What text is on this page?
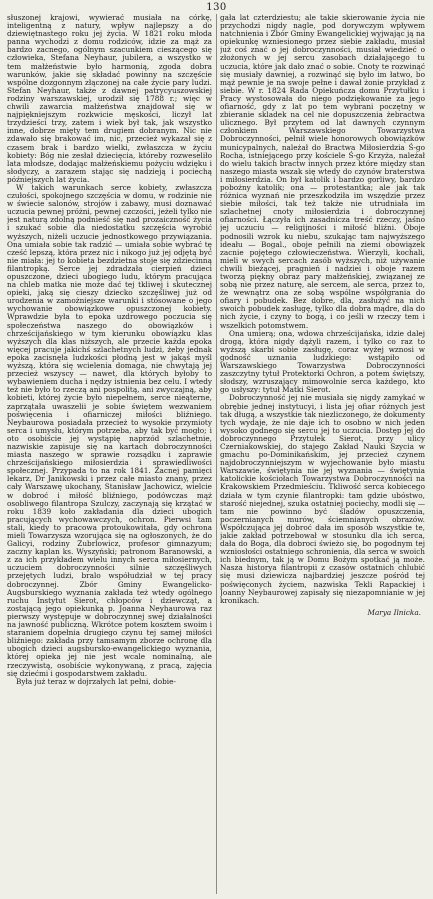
130

słuszonej krajowi, wywierać musiała na córkę, inteligentną z natury, wpływ najlepszy a do dziewiętnastego roku jej życia. W 1821 roku młoda panna wychodzi z domu rodziców, idzie za mąż za bardzo zacnego, ogólnym szacunkiem cieszącego się człowieka, Stefana Neyhaur, jubilera, a wszystko w tem małżeństwie było harmonią, zgoda dobra warunków, jakie się składać powinny na szczęście wspólne dozgonnym złączonej na całe życie pary ludzi. Stefan Neyhaur, także z dawnej patrycyuszowskiej rodziny warszawskiej, urodził się 1788 r.; więc w chwili zawarcia małżeństwa znajdował się w najpiękniejszym rozkwicie męskości, liczył lat trzydzieści trzy, zatem i wiek był tak, jak wszystko inne, dobrze mięty tem drugiem dobranym. Nic nie zdawało się brakować im, nic, przecież wykazał się z czasem brak i bardzo wielki, zwłaszcza w życiu kobiety: Bóg nie zesłał dziecięcia, któreby rozweseliło lata młodsze, dodając małżeńskiemu pożyciu wdzięku i słodyczy, a zarazem stając się nadzieją i pociechą późniejszych lat życia.

W takich warunkach serce kobiety, zwłaszcza czułości, spokojnego szczęścia w domu, w rodzinie nie w świecie salonów, strojów i zabawy, musi doznawać uczucia pewnej próżni, pewnej czczości, jeżeli tylko nie jest naturą zdolną podnieść się nad prozaiczność życia i szukać sobie dla niedostatku szczęścia wyrobić wyższych, niżeli uczucie jednostkowego przywiązania. Ona umiała sobie tak radzić — umiała sobie wybrać tę cześć lepszą, która przez nic i nikogo już jej odjętą być nie miała: jej to kobieta bezdzietna stoje się zdziecinną filantropką. Serce jej zdradzała cierpień dzieci opuszczone, dzieci ubogiego ludu, którym pracująca na chleb matka nie może dać tej tkliwej i skutecznej opieki, jaką się cieszy dziecko szczęśliwej już od urodzenia w zamożniejsze warunki i stósowane o jego wychowanie obowiązkowe opuszczonej kobiety. Wprawdzie była to epoka uzdrowego poczucia się społeczeństwa naszego do obowiązków i chrześcijańskiego w tym kierunku obowiązku klas wyższych dla klas niższych, ale przecie każda epoka więcej pracuje jakichś szlachetnych ludzi, żeby jednak epoka zacisnęła ludzkości płodną jest w jakąś myśl wyższą, która się wcielenia domaga, nie chwytają jej przecież wszyscy — nawet, dla których byłoby to wybawieniem ducha i nędzy istnienia bez celu. I wtedy też nie było to rzeczą ani pospolitą, ani zwyczajną, aby kobieti, której życie było niepełnem, serce nieąterne, zaprzątała uwaszelii je sobie świętem wezwaniem poświęcenia i ofiarniczej miłości bliźniego. Neybaurowa posiadała przecież to wysokie przymioty serca i umysłu, którym potrzeba, aby tak być mogło; i oto osobiście jej wystąpię naprzód szlachetnie, nazwiskie zapisuje się na kartach dobroczynności miasta naszego w sprawie rozsądku i zaprawie chrześcijańskiego miłosierdzia i sprawiedliwości społecznej. Przypada to na rok 1841. Zacnej pamięci lekarz, Dr Janikowski i przez całe miasto znany, przez cały Warszawę ukochany, Stanisław Jachowicz, wielcie w dobroć i miłość bliźniego, podówczas mąż osobliwego filantropa Szulczy, zaczynają się krzątać w roku 1839 koło zakładania dla dzieci ubogich pracujących wychowawczych, ochron. Pierwsi tam stali, kiedy to pracowa protoukowitała, gdy ochrona mieli Towarzysza wzorująca się na ogłoszonych, że do Galicyi, rodziny Zubrlowicz, profesor gimnazyum; zaczny kaplan ks. Wyszyński; patronom Baranowski, a z za ich przykładem wielu innych serca miłosiernych, uczuciem dobroczynności silnie szczęśliwych przejętych ludzi, bralo współudział w tej pracy dobroczynnej. Zbór Gminy Ewangelicko-Augsburskiego wyznania zakłada też wtedy ogólnego ruchu Instytut Sierot, chłopców i dziewcząt, a zostającą jego opiekunką p. Joanna Neyhaurowa raz pierwszy występuje w dobroczynnej swej działalności na jawność publiczną. Wkrótce potem kosztem swoim i staraniem dopełnia drugiego czynu tej samej miłości bliźniego: zakłada przy tamsamym zborze ochronę dla ubogich dzieci augsbursko-ewangelickiego wyznania, której opieka jej nie jest wcale nominalną, ale rzeczywistą, osobiście wykonywaną, z pracą, zajęcia się dziećmi i gospodarstwem zakładu.

Była już teraz w dojrzałych lat pełni, dobie-

gała lat czterdziestu; ale takie skierowanie życia nie przychodzi nigdy nagle, pod dorywczym wpływem natchnienia i Zbór Gminy Ewangelickiej wyjwając ją na opiekunkę wzniesionego przez siebie zakładu, musiał już coś znać o jej dobroczynności, musiał wiedzieć o złożonych w jej sercu zasobach działającego tu uczucia, które jak dało znać o sobie. Cnoty te rozwinąć się musiały dawniej, a rozwinąć się było im łatwo, bo mąż pewnie je na swoje pełne i dawał żonie przykład z siebie. W r. 1824 Rada Opiekuńcza domu Przytułku i Pracy wystosowała do niego podziękowanie za jego ofiarność, gdy z lat po tem wybrani poczętny w zbieranie skladek na cel nie dopuszczenia żebractwa ulicznego. Był przytem od lat dawnych czynnym członkiem Warszawskiego Towarzystwa Dobroczynności, pełnił wiele honorowych obowiązków municypalnych, należał do Bractwa Miłosierdzia Ś-go Rocha, istniejącego przy kościele Ś-go Krzyża, należał do wielu takich bractw innych przez które między stan naszego miasta wszak się wtedy do czynów braterstwa i miłosierdzia. On był katolik i bardzo gorliwy, bardzo pobożny katolik; ona — protestantka; ale jak tak różnica wyznań nie przeszkodziła im wszędzie przez siebie miłości, tak też także nie utrudniała im szlachetnej cnoty miłosierdzia i dobroczynnej ofiarności. Łączyła ich zasadnicza treść rzeczy, jaśno jej uczuciu — religijności i miłość bliźni. Oboje podnosili wzrok ku niebu, szukając tam najwyższego ideału — Bogal., oboje pełnili na ziemi obowiązek zacnie pojętego człowieczeństwa. Wierzyli, kochali, mieli w swych sercach zasób wyższych, niż używanie chwili bieżącej, pragnień i nadziei i oboje razem tworzą piękny obraz pary małżeńskiej, związanej ze sobą nie przez naturę, ale sercem, ale serca, przez to, że wewnątrz ona ze sobą wspólne współgrania do ofiary i pobudek. Bez dobre, dla, zasłużyć na nich swoich pobudek zasługę, tylko dla dobra mądre, dla do nich życie, i czyny to bogą, i co jeśli w rzeczy tem i wszelkich potomstwem.

Ona umierą; ona, wdowa chrześcijańska, idzie dalej drogą, która nigdy dążyli razem, i tylko co raz to wyższą skarbi sobie zasługę, coraz wyżej wznosi w godność uznania ludzkiego: wstąpiło od Warszawskiego Towarzystwa Dobroczynności zaszczytny tytuł Protektorki Ochron, a potem świętszy, słodszy, wzruszający mimowolnie serca każdego, kto go usłyszy: tytuł Matki Sierot.

Dobroczynność jej nie musiała się nigdy zamykać w obrębie jednej instytucyi, i lista jej ofiar różnych jest tak długą, a wszystkie tak niezliczonego, że dokumenty tych wydaje, że nie daje ich to osobno w nich jeden wysoko godnego się sercu jej to uczucia. Dostęp jej do dobroczynnego Przytułek Sierot, przy ulicy Czerniakowskiej, do stajego Zakład Nauki Szycia w gmachu po-Dominikańskim, jej przecież czynem najdobroczynniejszym w wyjechowanie było miastu Warszawie, świętynia nie jej wyznania — świętynia katolickie kościołach Towarzystwa Dobroczynności na Krakowskiem Przedmieściu. Tkliwość serca kobiecego działa w tym czynie filantropki: tam gdzie ubóstwo, starość niejednej, szuka ostatniej pociechy, modli się — tam nie powinno być śladów opuszczenia, poczernianych murów, ściemnianych obrazów. Współczująca jej dobroć dała im sposób wszystkie te, jakie zakład potrzebował w stosunku dla ich serca, dała do Boga, dla dobroci świeżo się, bo pogodnym tej wzniosłości ostatniego schronienia, dla serca w swoich ich biednym, tak ją w Domu Bożym spotkać ją może. Nasza historya filantropii z czasów ostatnich chlubić się musi dziewicza najbardziej jeszcze pośród tej poświęconych życiem, nazwiska Tekli Rapackiej i Joanny Neybaurowej zapisały się niezapomnianie w jej kronikach.

Marya Ilnicka.
